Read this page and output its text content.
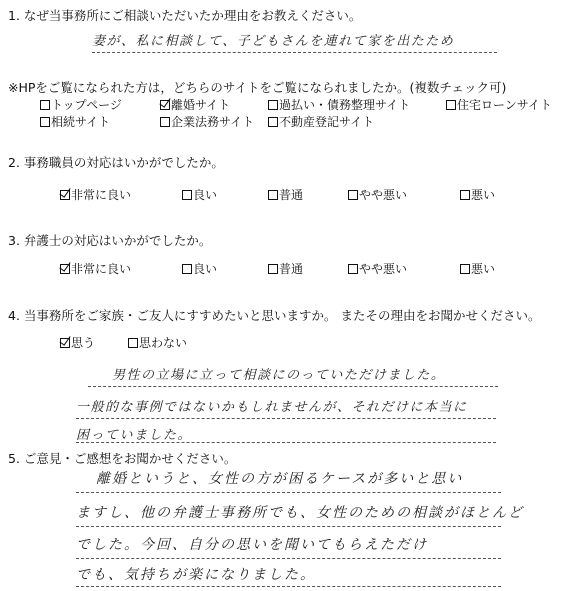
1. なぜ当事務所にご相談いただいたか理由をお教えください。
妻が、私に相談して、子どもさんを連れて家を出たため
※HPをご覧になられた方は，どちらのサイトをご覧になられましたか。(複数チェック可)
トップページ	離婚サイト	過払い・債務整理サイト	住宅ローンサイト
相続サイト	企業法務サイト	不動産登記サイト
2. 事務職員の対応はいかがでしたか。
非常に良い	良い	普通	やや悪い	悪い
3. 弁護士の対応はいかがでしたか。
非常に良い	良い	普通	やや悪い	悪い
4. 当事務所をご家族・ご友人にすすめたいと思いますか。 またその理由をお聞かせください。
思う	思わない
男性の立場に立って相談にのっていただけました。
一般的な事例ではないかもしれませんが、それだけに本当に
困っていました。
5. ご意見・ご感想をお聞かせください。
離婚というと、女性の方が困るケースが多いと思い
ますし、他の弁護士事務所でも、女性のための相談がほとんど
でした。今回、自分の思いを聞いてもらえただけ
でも、気持ちが楽になりました。
